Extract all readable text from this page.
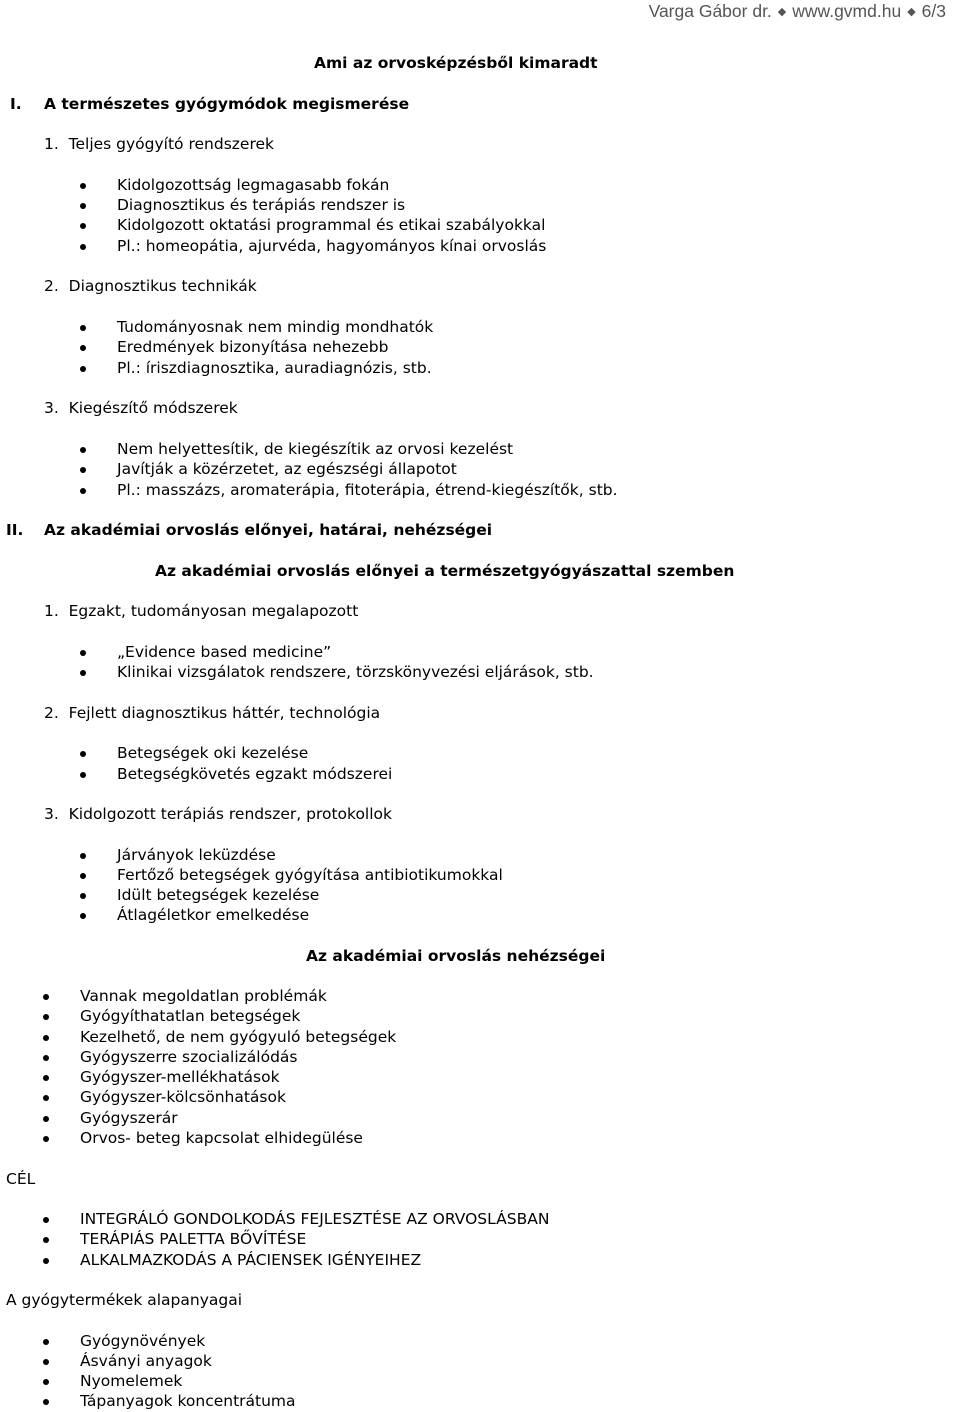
Varga Gábor dr. ◆ www.gvmd.hu ◆ 6/3
Ami az orvosképzésből kimaradt
I. A természetes gyógymódok megismerése
1.  Teljes gyógyító rendszerek
Kidolgozottság legmagasabb fokán
Diagnosztikus és terápiás rendszer is
Kidolgozott oktatási programmal és etikai szabályokkal
Pl.: homeopátia, ajurvéda, hagyományos kínai orvoslás
2.  Diagnosztikus technikák
Tudományosnak nem mindig mondhatók
Eredmények bizonyítása nehezebb
Pl.: íriszdiagnosztika, auradiagnózis, stb.
3.  Kiegészítő módszerek
Nem helyettesítik, de kiegészítik az orvosi kezelést
Javítják a közérzetet, az egészségi állapotot
Pl.: masszázs, aromaterápia, fitoterápia, étrend-kiegészítők, stb.
II. Az akadémiai orvoslás előnyei, határai, nehézségei
Az akadémiai orvoslás előnyei a természetgyógyászattal szemben
1.  Egzakt, tudományosan megalapozott
„Evidence based medicine”
Klinikai vizsgálatok rendszere, törzskönyvezési eljárások, stb.
2.  Fejlett diagnosztikus háttér, technológia
Betegségek oki kezelése
Betegségkövetés egzakt módszerei
3.  Kidolgozott terápiás rendszer, protokollok
Járványok leküzdése
Fertőző betegségek gyógyítása antibiotikumokkal
Idült betegségek kezelése
Átlagéletkor emelkedése
Az akadémiai orvoslás nehézségei
Vannak megoldatlan problémák
Gyógyíthatatlan betegségek
Kezelhető, de nem gyógyuló betegségek
Gyógyszerre szocializálódás
Gyógyszer-mellékhatások
Gyógyszer-kölcsönhatások
Gyógyszerár
Orvos- beteg kapcsolat elhidegülése
CÉL
INTEGRÁLÓ GONDOLKODÁS FEJLESZTÉSE AZ ORVOSLÁSBAN
TERÁPIÁS PALETTA BŐVÍTÉSE
ALKALMAZKODÁS A PÁCIENSEK IGÉNYEIHEZ
A gyógytermékek alapanyagai
Gyógynövények
Ásványi anyagok
Nyomelemek
Tápanyagok koncentrátuma
